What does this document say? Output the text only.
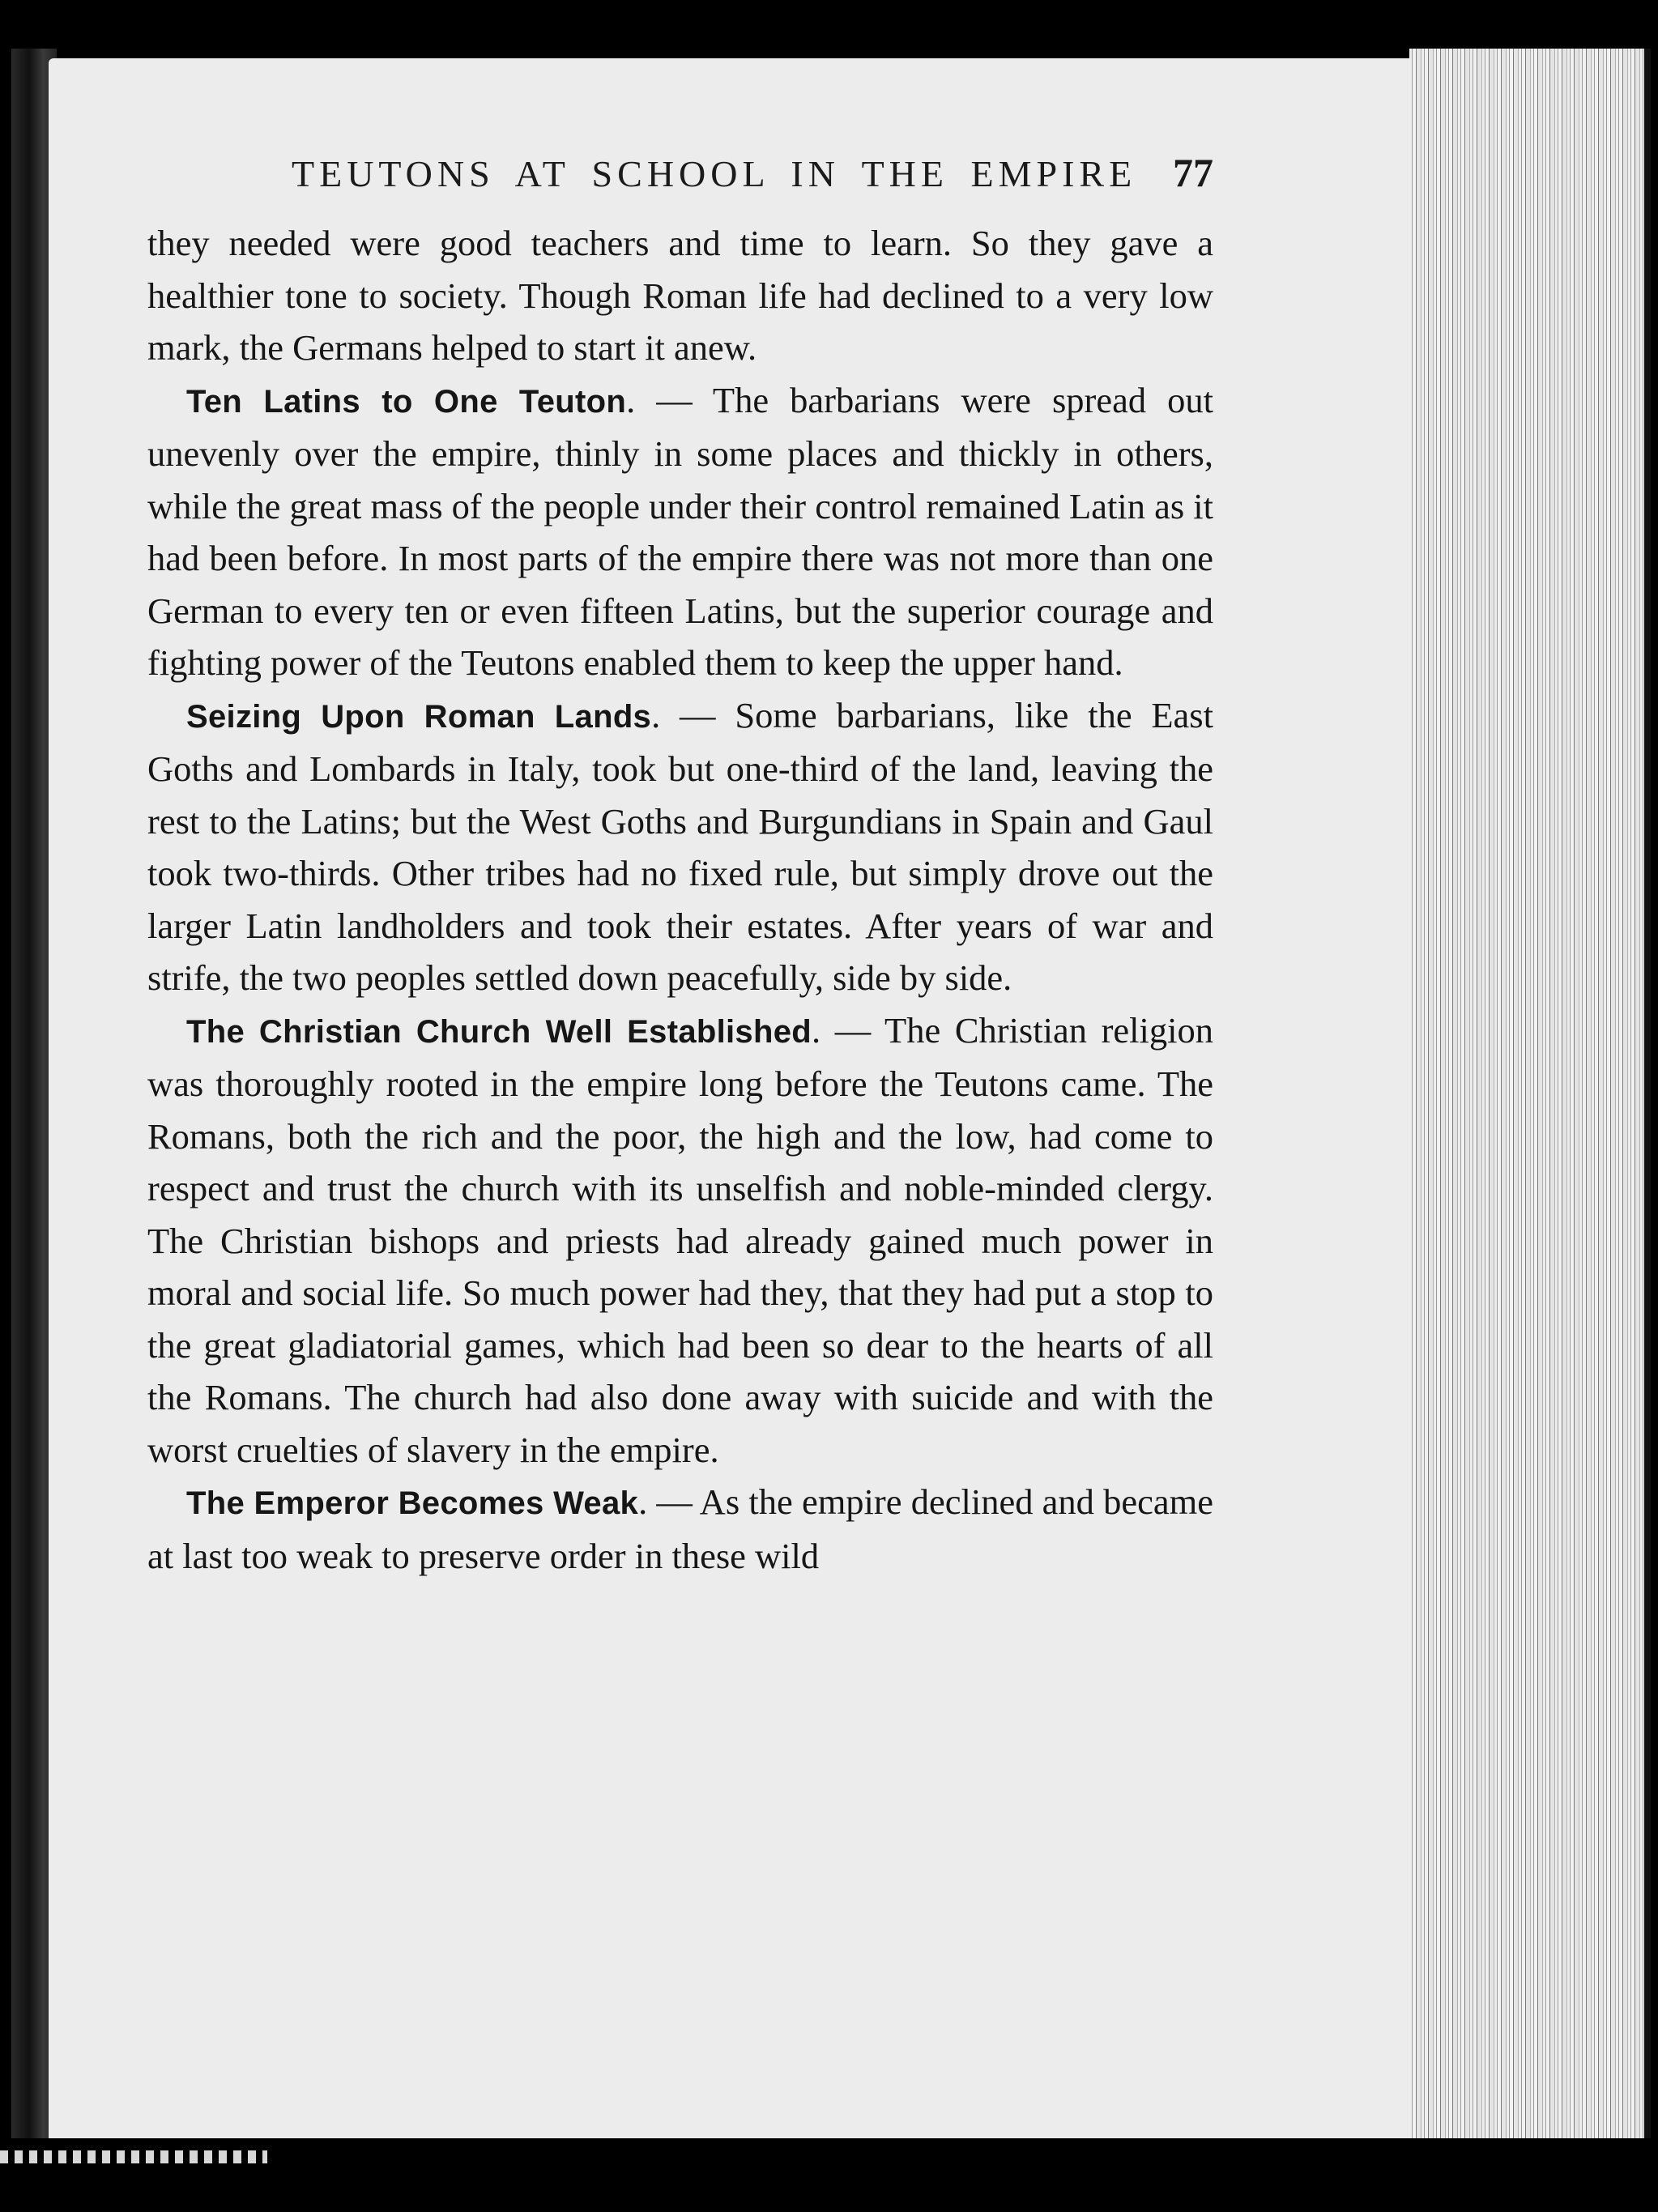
TEUTONS AT SCHOOL IN THE EMPIRE 77

they needed were good teachers and time to learn. So they gave a healthier tone to society. Though Roman life had declined to a very low mark, the Germans helped to start it anew.

Ten Latins to One Teuton. — The barbarians were spread out unevenly over the empire, thinly in some places and thickly in others, while the great mass of the people under their control remained Latin as it had been before. In most parts of the empire there was not more than one German to every ten or even fifteen Latins, but the superior courage and fighting power of the Teutons enabled them to keep the upper hand.

Seizing Upon Roman Lands. — Some barbarians, like the East Goths and Lombards in Italy, took but one-third of the land, leaving the rest to the Latins; but the West Goths and Burgundians in Spain and Gaul took two-thirds. Other tribes had no fixed rule, but simply drove out the larger Latin landholders and took their estates. After years of war and strife, the two peoples settled down peacefully, side by side.

The Christian Church Well Established. — The Christian religion was thoroughly rooted in the empire long before the Teutons came. The Romans, both the rich and the poor, the high and the low, had come to respect and trust the church with its unselfish and noble-minded clergy. The Christian bishops and priests had already gained much power in moral and social life. So much power had they, that they had put a stop to the great gladiatorial games, which had been so dear to the hearts of all the Romans. The church had also done away with suicide and with the worst cruelties of slavery in the empire.

The Emperor Becomes Weak. — As the empire declined and became at last too weak to preserve order in these wild
